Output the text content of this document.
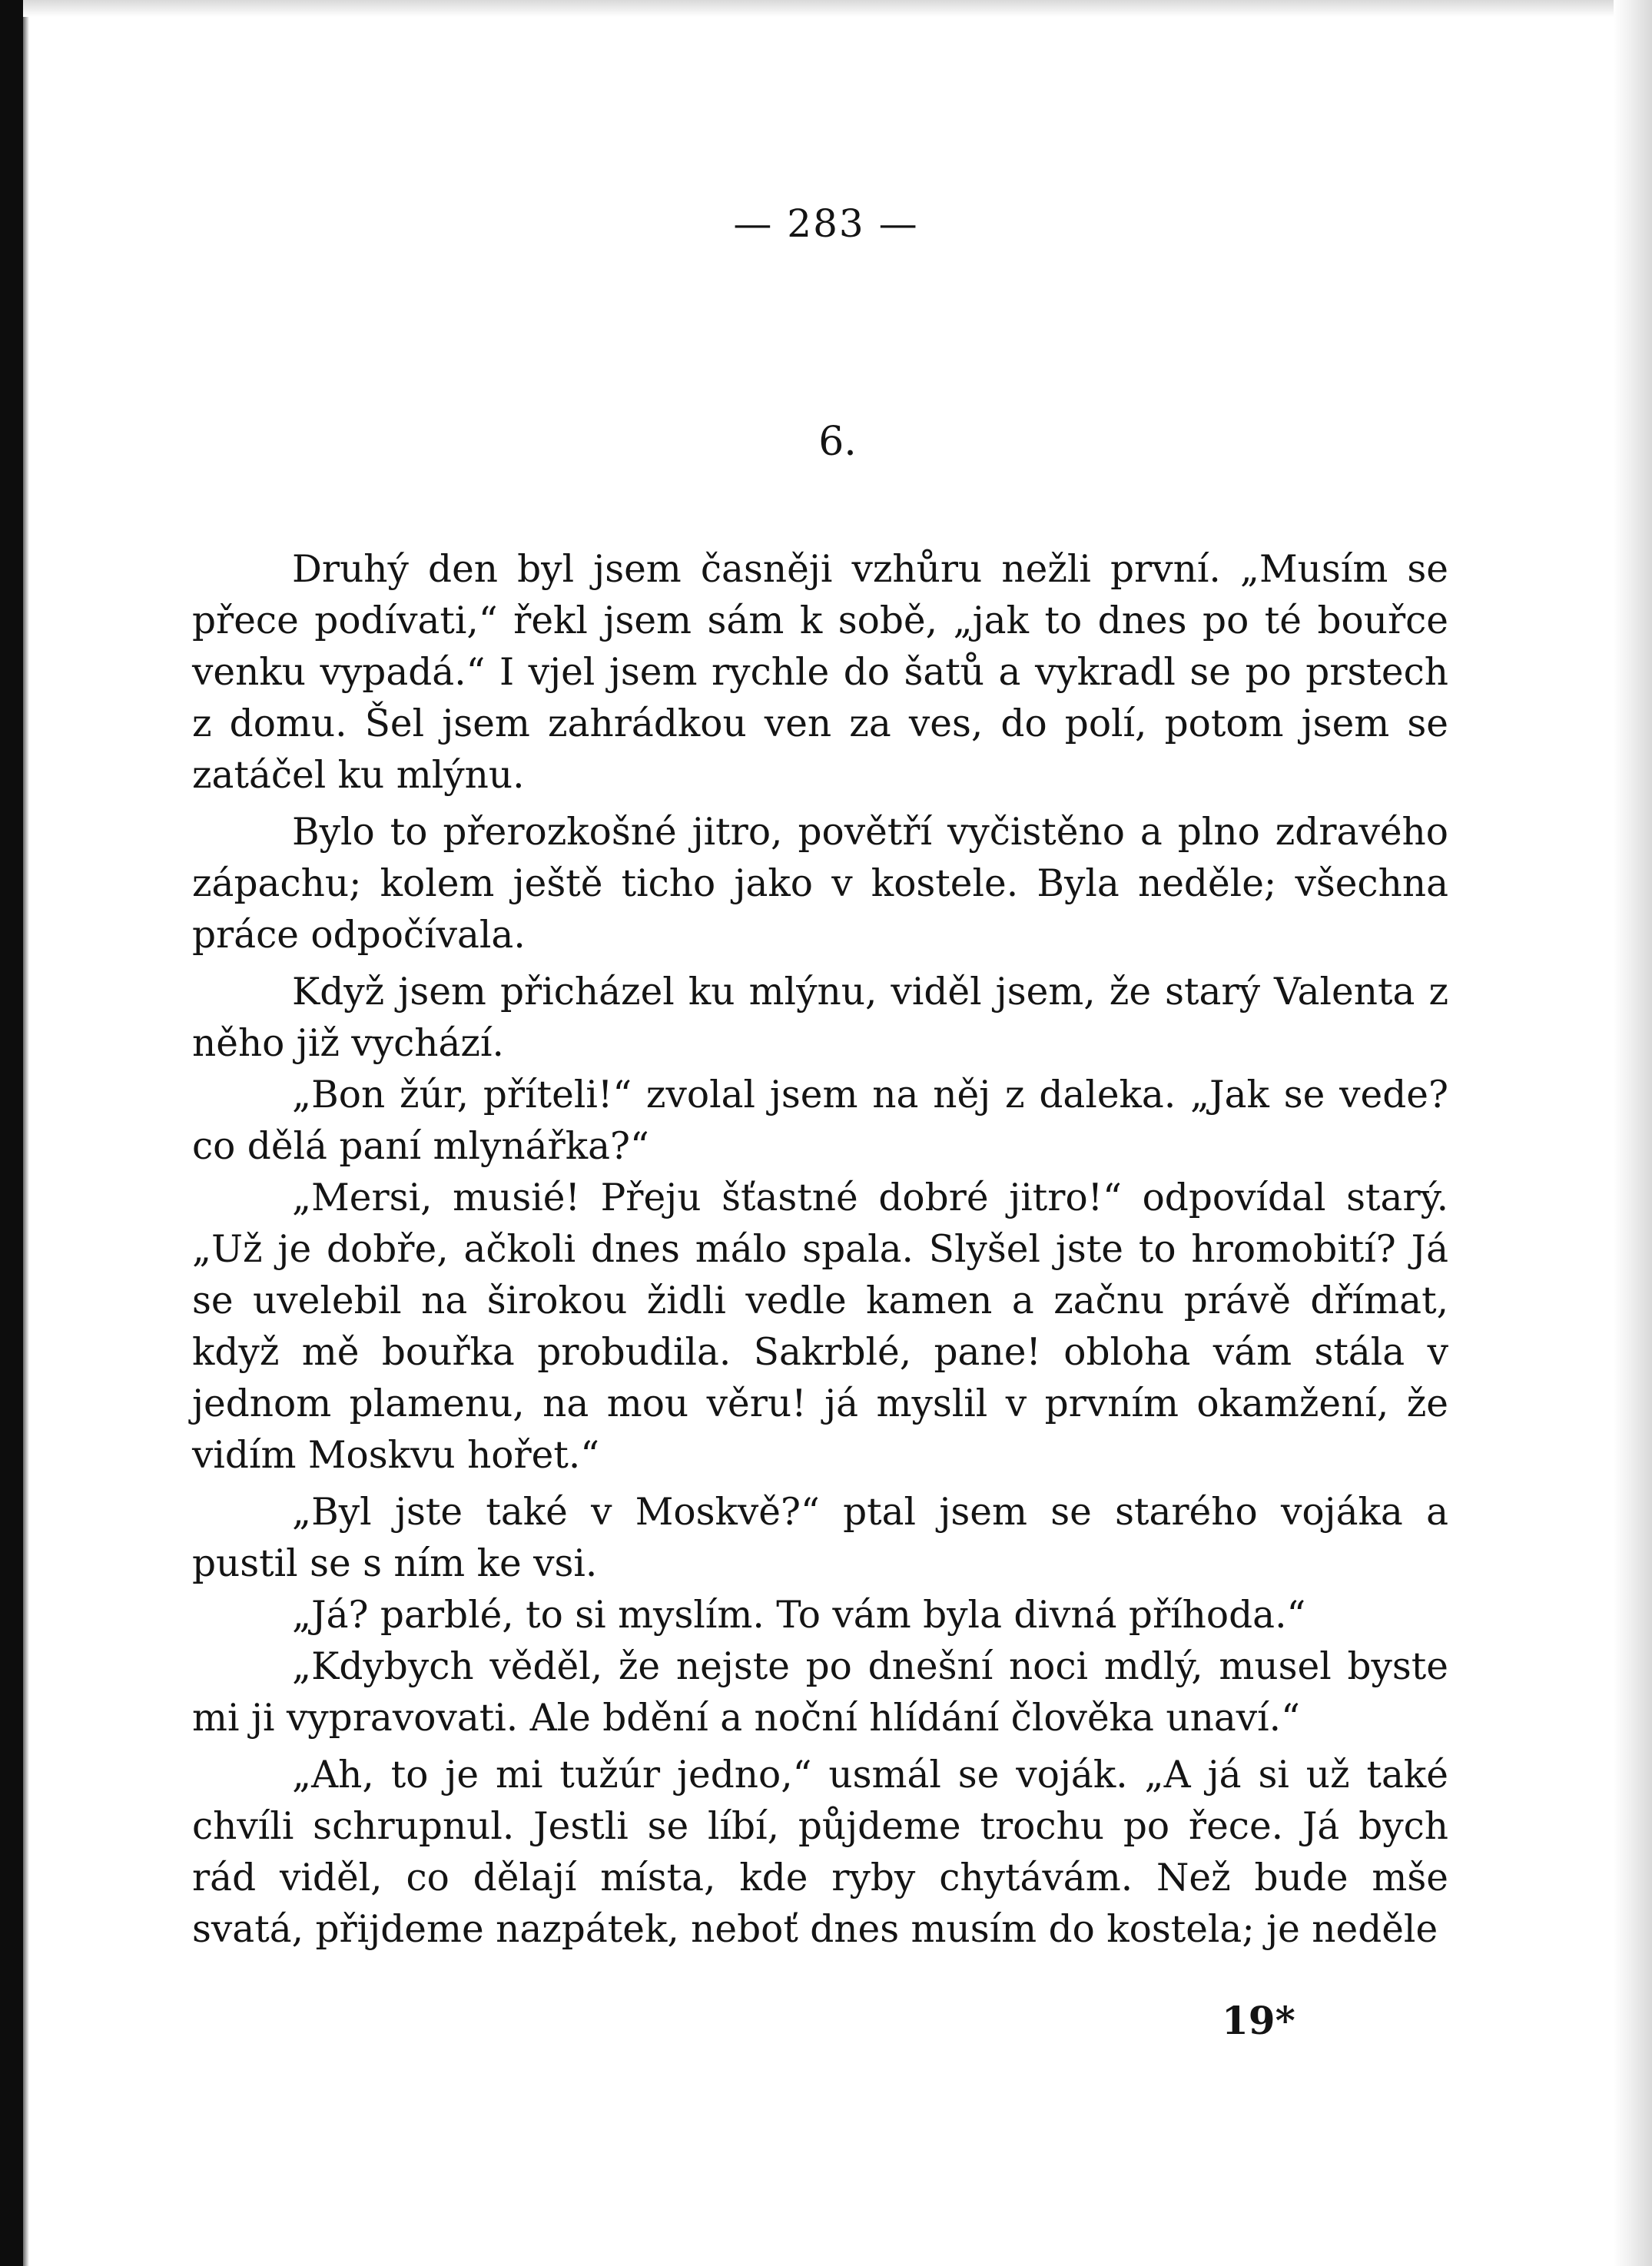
— 283 —
6.

Druhý den byl jsem časněji vzhůru nežli první. „Musím se přece podívati,“ řekl jsem sám k sobě, „jak to dnes po té bouřce venku vypadá.“ I vjel jsem rychle do šatů a vykradl se po prstech z domu. Šel jsem zahrádkou ven za ves, do polí, potom jsem se zatáčel ku mlýnu.

Bylo to přerozkošné jitro, povětří vyčistěno a plno zdravého zápachu; kolem ještě ticho jako v kostele. Byla neděle; všechna práce odpočívala.

Když jsem přicházel ku mlýnu, viděl jsem, že starý Valenta z něho již vychází.

„Bon žúr, příteli!“ zvolal jsem na něj z daleka. „Jak se vede? co dělá paní mlynářka?“

„Mersi, musié! Přeju šťastné dobré jitro!“ odpovídal starý. „Už je dobře, ačkoli dnes málo spala. Slyšel jste to hromobití? Já se uvelebil na širokou židli vedle kamen a začnu právě dřímat, když mě bouřka probudila. Sakrblé, pane! obloha vám stála v jednom plamenu, na mou věru! já myslil v prvním okamžení, že vidím Moskvu hořet.“

„Byl jste také v Moskvě?“ ptal jsem se starého vojáka a pustil se s ním ke vsi.

„Já? parblé, to si myslím. To vám byla divná příhoda.“

„Kdybych věděl, že nejste po dnešní noci mdlý, musel byste mi ji vypravovati. Ale bdění a noční hlídání člověka unaví.“

„Ah, to je mi tužúr jedno,“ usmál se voják. „A já si už také chvíli schrupnul. Jestli se líbí, půjdeme trochu po řece. Já bych rád viděl, co dělají místa, kde ryby chytávám. Než bude mše svatá, přijdeme nazpátek, neboť dnes musím do kostela; je neděle

19*
